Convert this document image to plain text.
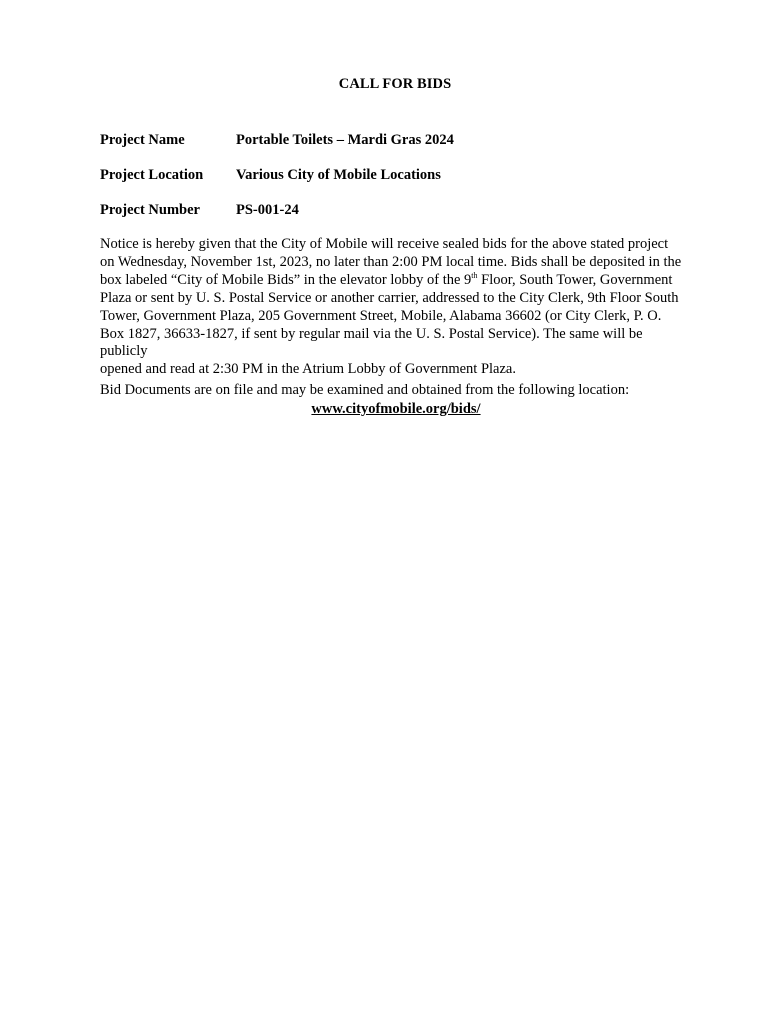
CALL FOR BIDS
Project Name	Portable Toilets – Mardi Gras 2024
Project Location Various City of Mobile Locations
Project Number PS-001-24

Notice is hereby given that the City of Mobile will receive sealed bids for the above stated project

on Wednesday, November 1st, 2023, no later than 2:00 PM local time. Bids shall be deposited in the

box labeled “City of Mobile Bids” in the elevator lobby of the 9th Floor, South Tower, Government

Plaza or sent by U. S. Postal Service or another carrier, addressed to the City Clerk, 9th Floor South

Tower, Government Plaza, 205 Government Street, Mobile, Alabama 36602 (or City Clerk, P. O.

Box 1827, 36633-1827, if sent by regular mail via the U. S. Postal Service). The same will be publicly

opened and read at 2:30 PM in the Atrium Lobby of Government Plaza.

Bid Documents are on file and may be examined and obtained from the following location:
www.cityofmobile.org/bids/
